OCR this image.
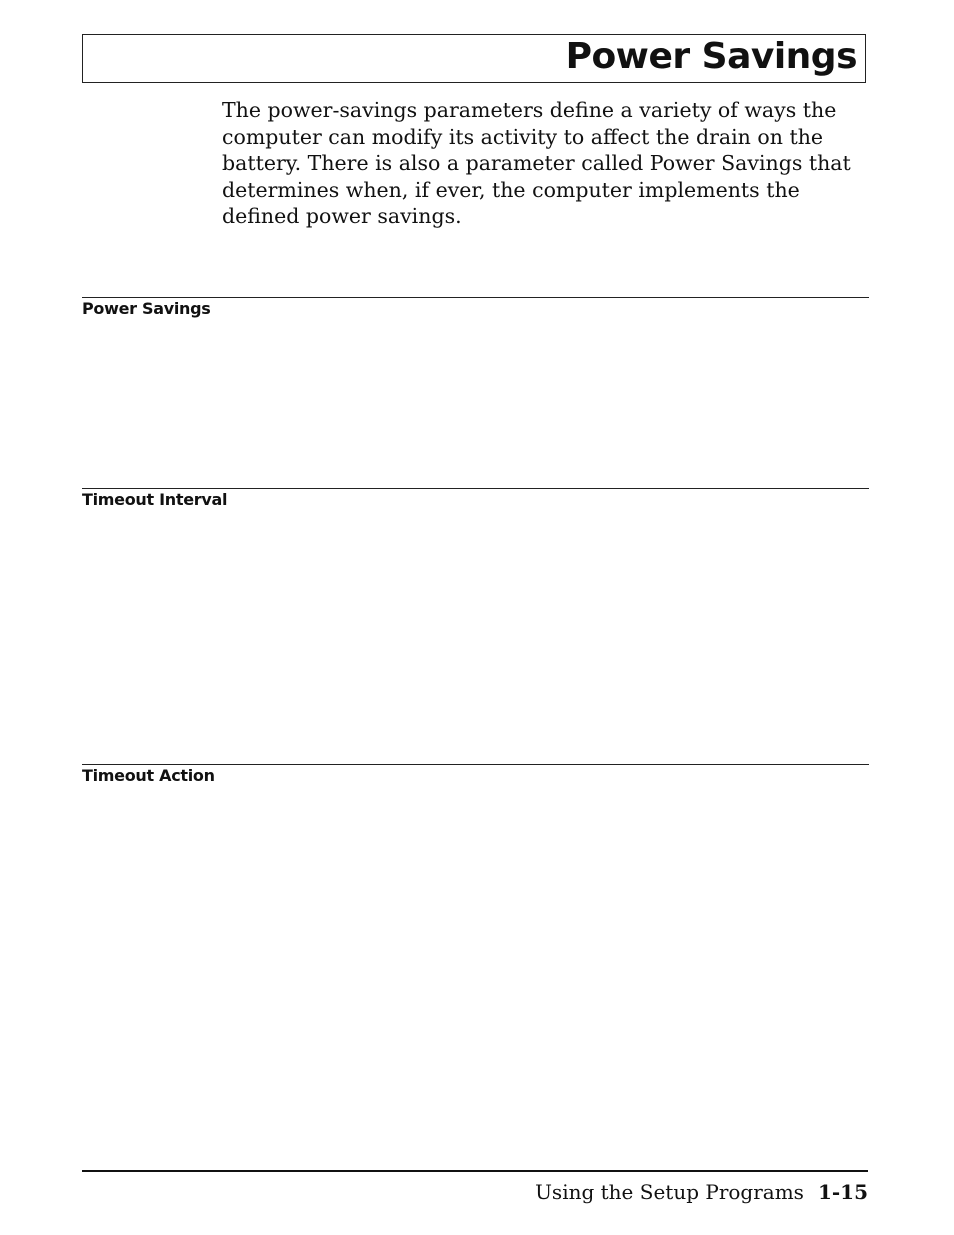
Power Savings

The power-savings parameters define a variety of ways the computer can modify its activity to affect the drain on the battery. There is also a parameter called Power Savings that determines when, if ever, the computer implements the defined power savings.

Power Savings
Timeout Interval
Timeout Action
Using the Setup Programs 1-15
